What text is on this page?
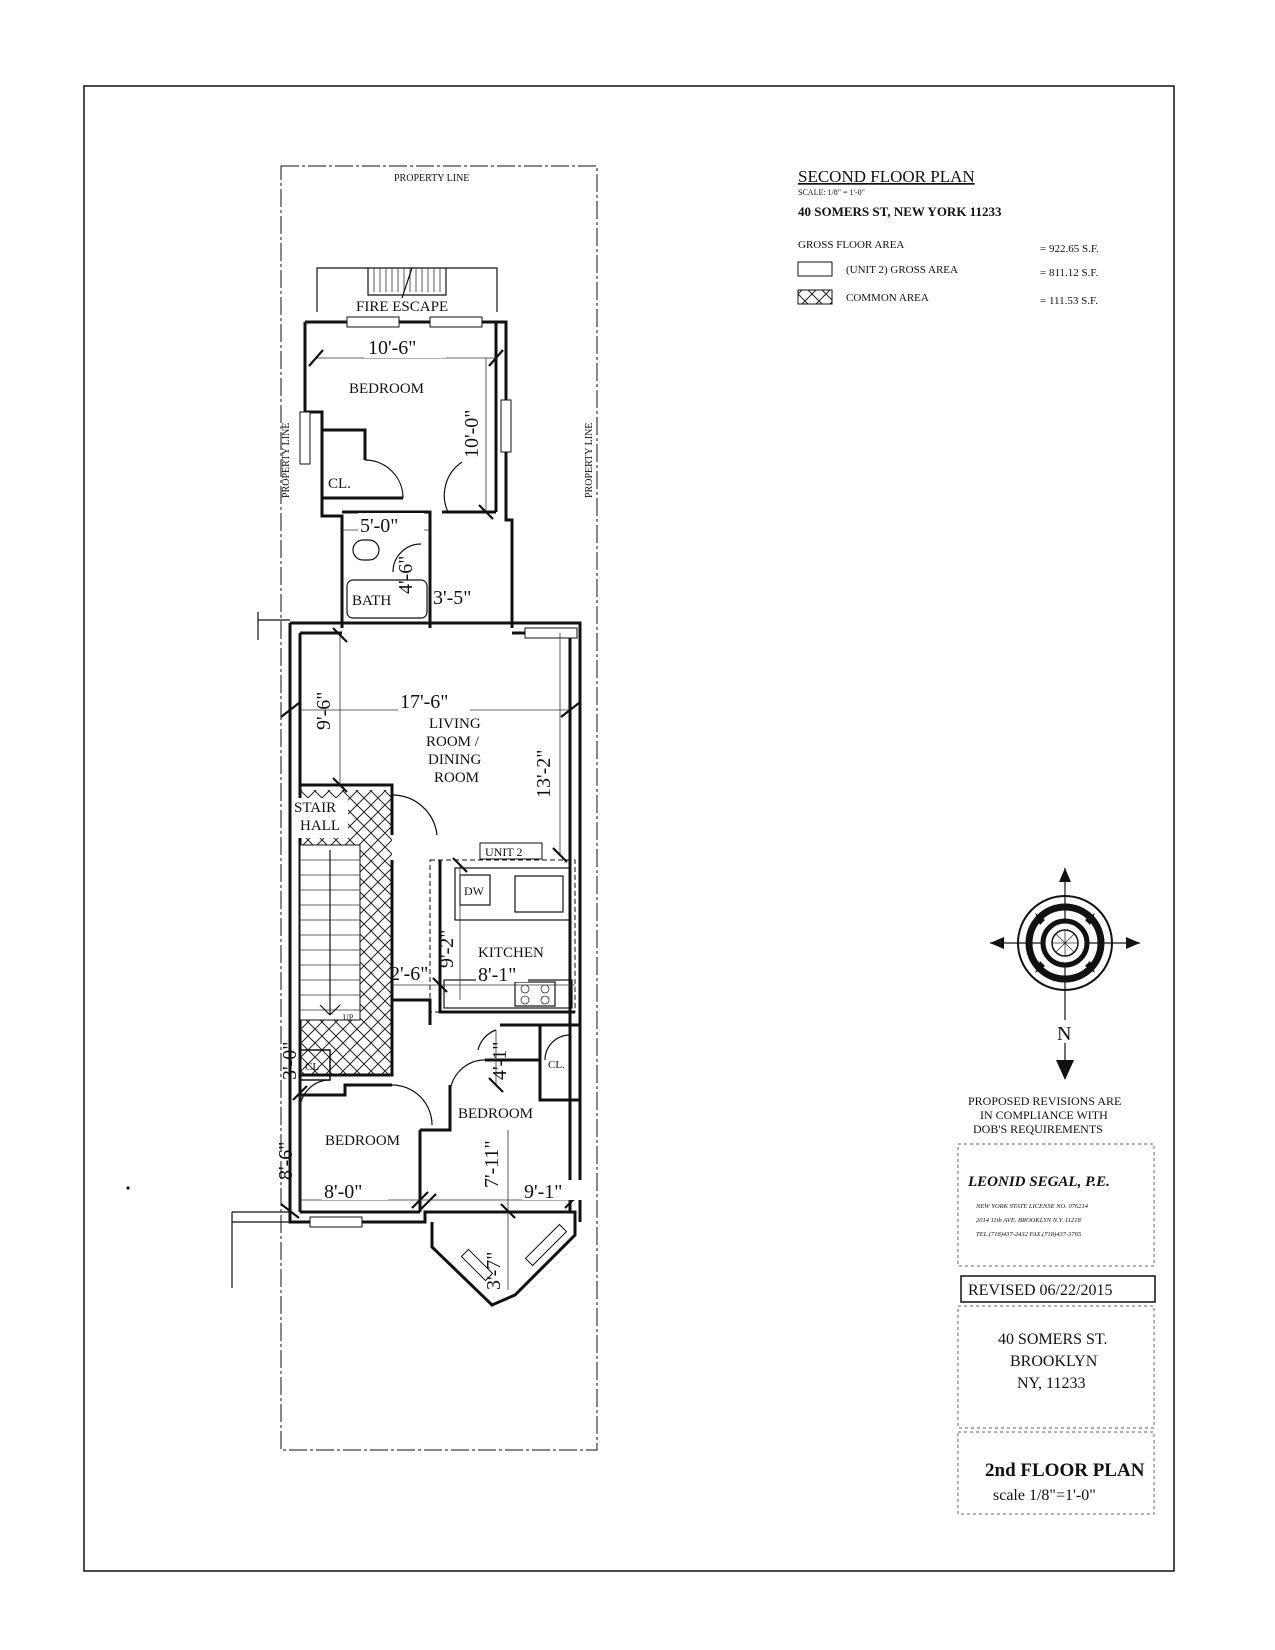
SECOND FLOOR PLAN
SCALE: 1/8" = 1'-0"
40 SOMERS ST, NEW YORK 11233
GROSS FLOOR AREA	= 922.65 S.F.
(UNIT 2) GROSS AREA	= 811.12 S.F.
COMMON AREA	= 111.53 S.F.
PROPERTY LINE
PROPERTY LINE	PROPERTY LINE
FIRE ESCAPE
UP
BEDROOM
CL.
BATH
LIVING
ROOM /
DINING
ROOM
STAIR
HALL
UNIT 2
DW
KITCHEN
CL	CL.
BEDROOM
BEDROOM
10'-6"
10'-0"
5'-0"
4'-6"
3'-5"
17'-6"
9'-6"
13'-2"
9'-2"
8'-1"
2'-6"
4'-1"
3'-0"
8'-6"
8'-0"
7'-11"
9'-1"
3'-7"
N
PROPOSED REVISIONS ARE
IN COMPLIANCE WITH
DOB'S REQUIREMENTS
LEONID SEGAL, P.E.
NEW YORK STATE LICENSE NO. 076214
2014 11th AVE. BROOKLYN N.Y. 11218
TEL.(718)437-2432 FAX.(718)437-3765
REVISED 06/22/2015
40 SOMERS ST.
BROOKLYN
NY, 11233
2nd FLOOR PLAN
scale 1/8"=1'-0"
